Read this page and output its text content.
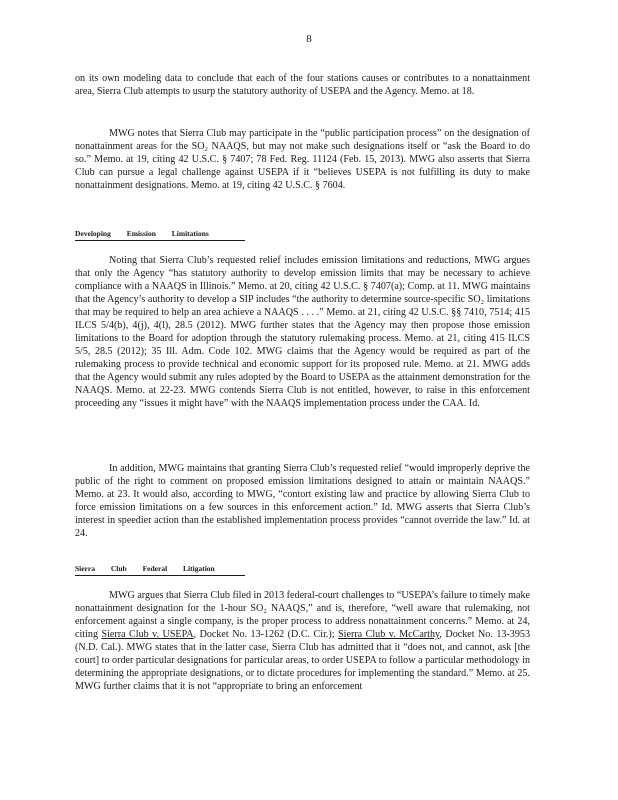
8

on its own modeling data to conclude that each of the four stations causes or contributes to a nonattainment area, Sierra Club attempts to usurp the statutory authority of USEPA and the Agency. Memo. at 18.

MWG notes that Sierra Club may participate in the “public participation process” on the designation of nonattainment areas for the SO₂ NAAQS, but may not make such designations itself or “ask the Board to do so.” Memo. at 19, citing 42 U.S.C. § 7407; 78 Fed. Reg. 11124 (Feb. 15, 2013). MWG also asserts that Sierra Club can pursue a legal challenge against USEPA if it “believes USEPA is not fulfilling its duty to make nonattainment designations. Memo. at 19, citing 42 U.S.C. § 7604.

Developing Emission Limitations

Noting that Sierra Club’s requested relief includes emission limitations and reductions, MWG argues that only the Agency “has statutory authority to develop emission limits that may be necessary to achieve compliance with a NAAQS in Illinois.” Memo. at 20, citing 42 U.S.C. § 7407(a); Comp. at 11. MWG maintains that the Agency’s authority to develop a SIP includes “the authority to determine source-specific SO₂ limitations that may be required to help an area achieve a NAAQS . . . .” Memo. at 21, citing 42 U.S.C. §§ 7410, 7514; 415 ILCS 5/4(b), 4(j), 4(l), 28.5 (2012). MWG further states that the Agency may then propose those emission limitations to the Board for adoption through the statutory rulemaking process. Memo. at 21, citing 415 ILCS 5/5, 28.5 (2012); 35 Ill. Adm. Code 102. MWG claims that the Agency would be required as part of the rulemaking process to provide technical and economic support for its proposed rule. Memo. at 21. MWG adds that the Agency would submit any rules adopted by the Board to USEPA as the attainment demonstration for the NAAQS. Memo. at 22-23. MWG contends Sierra Club is not entitled, however, to raise in this enforcement proceeding any “issues it might have” with the NAAQS implementation process under the CAA. Id.

In addition, MWG maintains that granting Sierra Club’s requested relief “would improperly deprive the public of the right to comment on proposed emission limitations designed to attain or maintain NAAQS.” Memo. at 23. It would also, according to MWG, “contort existing law and practice by allowing Sierra Club to force emission limitations on a few sources in this enforcement action.” Id. MWG asserts that Sierra Club’s interest in speedier action than the established implementation process provides “cannot override the law.” Id. at 24.

Sierra Club Federal Litigation

MWG argues that Sierra Club filed in 2013 federal-court challenges to “USEPA’s failure to timely make nonattainment designation for the 1-hour SO₂ NAAQS,” and is, therefore, “well aware that rulemaking, not enforcement against a single company, is the proper process to address nonattainment concerns.” Memo. at 24, citing Sierra Club v. USEPA, Docket No. 13-1262 (D.C. Cir.); Sierra Club v. McCarthy, Docket No. 13-3953 (N.D. Cal.). MWG states that in the latter case, Sierra Club has admitted that it “does not, and cannot, ask [the court] to order particular designations for particular areas, to order USEPA to follow a particular methodology in determining the appropriate designations, or to dictate procedures for implementing the standard.” Memo. at 25. MWG further claims that it is not “appropriate to bring an enforcement
